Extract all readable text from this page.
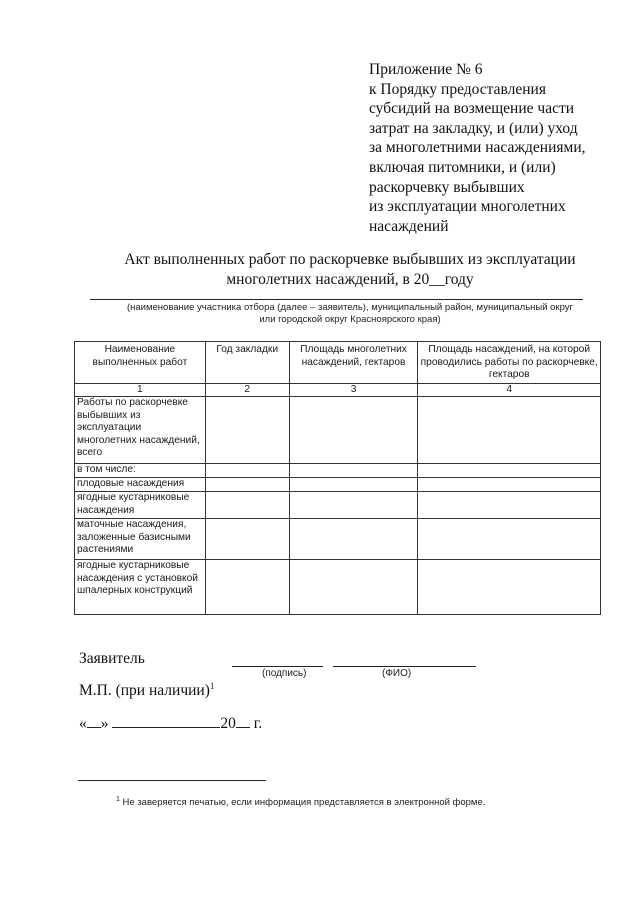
Приложение № 6
к Порядку предоставления
субсидий на возмещение части
затрат на закладку, и (или) уход
за многолетними насаждениями,
включая питомники, и (или)
раскорчевку выбывших
из эксплуатации многолетних
насаждений
Акт выполненных работ по раскорчевке выбывших из эксплуатации
многолетних насаждений, в 20__году
(наименование участника отбора (далее – заявитель), муниципальный район, муниципальный округ
или городской округ Красноярского края)
Наименование выполненных работ	Год закладки	Площадь многолетних насаждений, гектаров	Площадь насаждений, на которой проводились работы по раскорчевке, гектаров
1	2	3	4
Работы по раскорчевке выбывших из эксплуатации многолетних насаждений, всего			
в том числе:			
плодовые насаждения			
ягодные кустарниковые насаждения			
маточные насаждения, заложенные базисными растениями			
ягодные кустарниковые насаждения с установкой шпалерных конструкций			
Заявитель
(подпись)	(ФИО)
М.П. (при наличии)$^1$
« »	20 г.
$^1$ Не заверяется печатью, если информация представляется в электронной форме.
